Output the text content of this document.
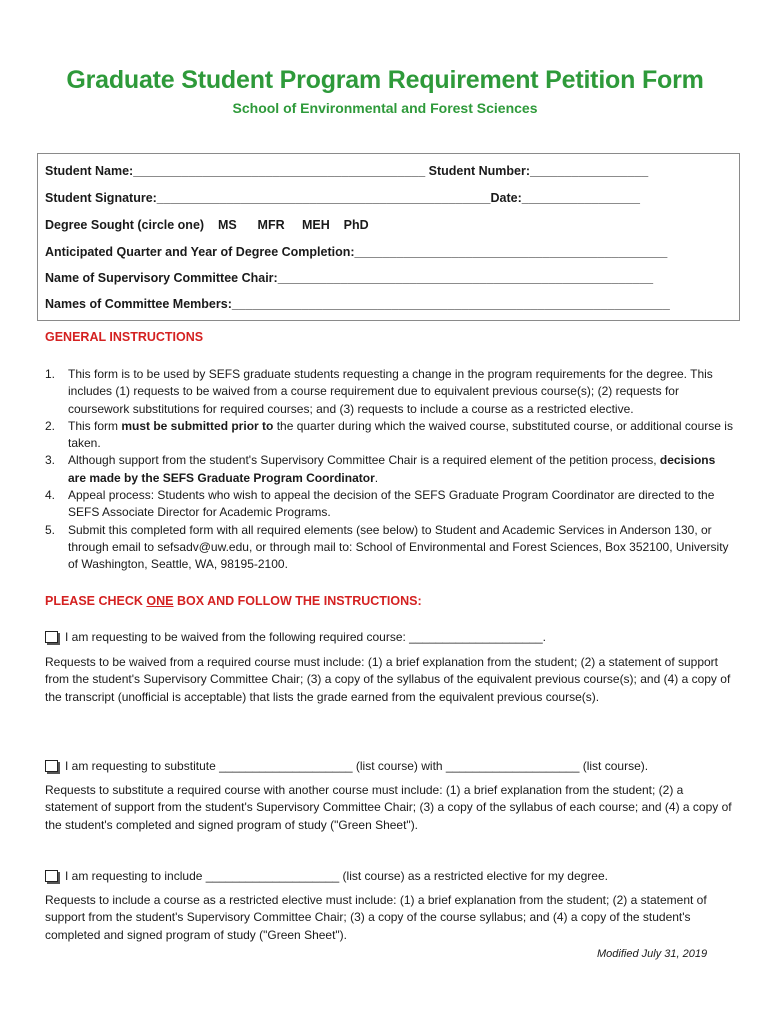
Graduate Student Program Requirement Petition Form
School of Environmental and Forest Sciences
Student Name:__________________________________________ Student Number:_________________
Student Signature:________________________________________________Date:_________________
Degree Sought (circle one)    MS      MFR     MEH    PhD
Anticipated Quarter and Year of Degree Completion:_____________________________________________
Name of Supervisory Committee Chair:______________________________________________________
Names of Committee Members:_______________________________________________________________
GENERAL INSTRUCTIONS
1. This form is to be used by SEFS graduate students requesting a change in the program requirements for the degree. This includes (1) requests to be waived from a course requirement due to equivalent previous course(s); (2) requests for coursework substitutions for required courses; and (3) requests to include a course as a restricted elective.
2. This form must be submitted prior to the quarter during which the waived course, substituted course, or additional course is taken.
3. Although support from the student's Supervisory Committee Chair is a required element of the petition process, decisions are made by the SEFS Graduate Program Coordinator.
4. Appeal process: Students who wish to appeal the decision of the SEFS Graduate Program Coordinator are directed to the SEFS Associate Director for Academic Programs.
5. Submit this completed form with all required elements (see below) to Student and Academic Services in Anderson 130, or through email to sefsadv@uw.edu, or through mail to: School of Environmental and Forest Sciences, Box 352100, University of Washington, Seattle, WA, 98195-2100.
PLEASE CHECK ONE BOX AND FOLLOW THE INSTRUCTIONS:
I am requesting to be waived from the following required course: ____________________.
Requests to be waived from a required course must include: (1) a brief explanation from the student; (2) a statement of support from the student's Supervisory Committee Chair; (3) a copy of the syllabus of the equivalent previous course(s); and (4) a copy of the transcript (unofficial is acceptable) that lists the grade earned from the equivalent previous course(s).
I am requesting to substitute ____________________ (list course) with ____________________ (list course).
Requests to substitute a required course with another course must include: (1) a brief explanation from the student; (2) a statement of support from the student's Supervisory Committee Chair; (3) a copy of the syllabus of each course; and (4) a copy of the student's completed and signed program of study ("Green Sheet").
I am requesting to include ____________________ (list course) as a restricted elective for my degree.
Requests to include a course as a restricted elective must include: (1) a brief explanation from the student; (2) a statement of support from the student's Supervisory Committee Chair; (3) a copy of the course syllabus; and (4) a copy of the student's completed and signed program of study ("Green Sheet").
Modified July 31, 2019
